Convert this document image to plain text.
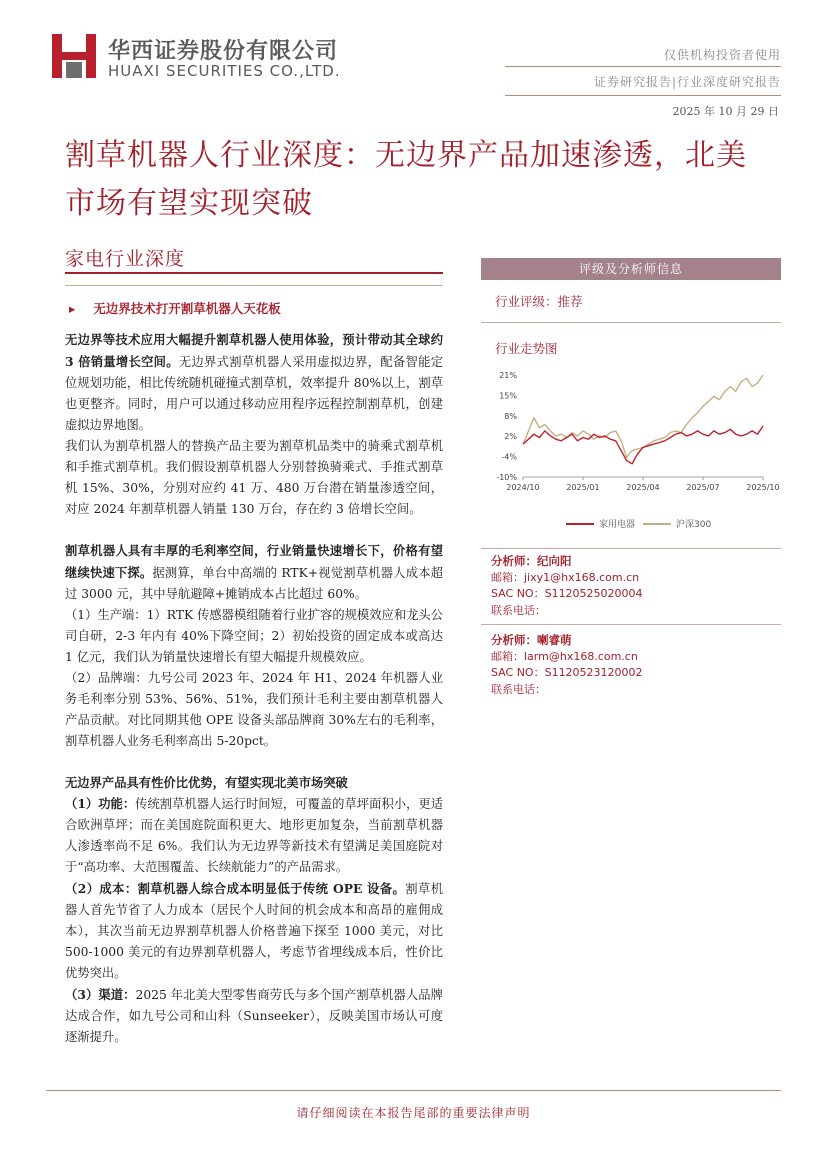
华西证券股份有限公司
HUAXI SECURITIES CO.,LTD.
仅供机构投资者使用
证券研究报告|行业深度研究报告
2025 年 10 月 29 日
割草机器人行业深度：无边界产品加速渗透，北美市场有望实现突破
家电行业深度

▸ 无边界技术打开割草机器人天花板

无边界等技术应用大幅提升割草机器人使用体验，预计带动其全球约 3 倍销量增长空间。无边界式割草机器人采用虚拟边界，配备智能定位规划功能，相比传统随机碰撞式割草机，效率提升 80%以上，割草也更整齐。同时，用户可以通过移动应用程序远程控制割草机，创建虚拟边界地图。

我们认为割草机器人的替换产品主要为割草机品类中的骑乘式割草机和手推式割草机。我们假设割草机器人分别替换骑乘式、手推式割草机 15%、30%，分别对应约 41 万、480 万台潜在销量渗透空间，对应 2024 年割草机器人销量 130 万台，存在约 3 倍增长空间。

割草机器人具有丰厚的毛利率空间，行业销量快速增长下，价格有望继续快速下探。据测算，单台中高端的 RTK+视觉割草机器人成本超过 3000 元，其中导航避障+摊销成本占比超过 60%。

（1）生产端：1）RTK 传感器模组随着行业扩容的规模效应和龙头公司自研，2-3 年内有 40%下降空间；2）初始投资的固定成本或高达 1 亿元，我们认为销量快速增长有望大幅提升规模效应。

（2）品牌端：九号公司 2023 年、2024 年 H1、2024 年机器人业务毛利率分别 53%、56%、51%，我们预计毛利主要由割草机器人产品贡献。对比同期其他 OPE 设备头部品牌商 30%左右的毛利率，割草机器人业务毛利率高出 5-20pct。

无边界产品具有性价比优势，有望实现北美市场突破

（1）功能：传统割草机器人运行时间短，可覆盖的草坪面积小，更适合欧洲草坪；而在美国庭院面积更大、地形更加复杂，当前割草机器人渗透率尚不足 6%。我们认为无边界等新技术有望满足美国庭院对于“高功率、大范围覆盖、长续航能力”的产品需求。

（2）成本：割草机器人综合成本明显低于传统 OPE 设备。割草机器人首先节省了人力成本（居民个人时间的机会成本和高昂的雇佣成本），其次当前无边界割草机器人价格普遍下探至 1000 美元，对比 500-1000 美元的有边界割草机器人，考虑节省埋线成本后，性价比优势突出。

（3）渠道：2025 年北美大型零售商劳氏与多个国产割草机器人品牌达成合作，如九号公司和山科（Sunseeker），反映美国市场认可度逐渐提升。

评级及分析师信息
行业评级：推荐
行业走势图
21%
15%
8%
2%
-4%
-10%
2024/10	2025/01	2025/04	2025/07	2025/10
家用电器	沪深300
分析师：纪向阳
邮箱：jixy1@hx168.com.cn
SAC NO：S1120525020004
联系电话：
分析师：喇睿萌
邮箱：larm@hx168.com.cn
SAC NO：S1120523120002
联系电话：
请仔细阅读在本报告尾部的重要法律声明
